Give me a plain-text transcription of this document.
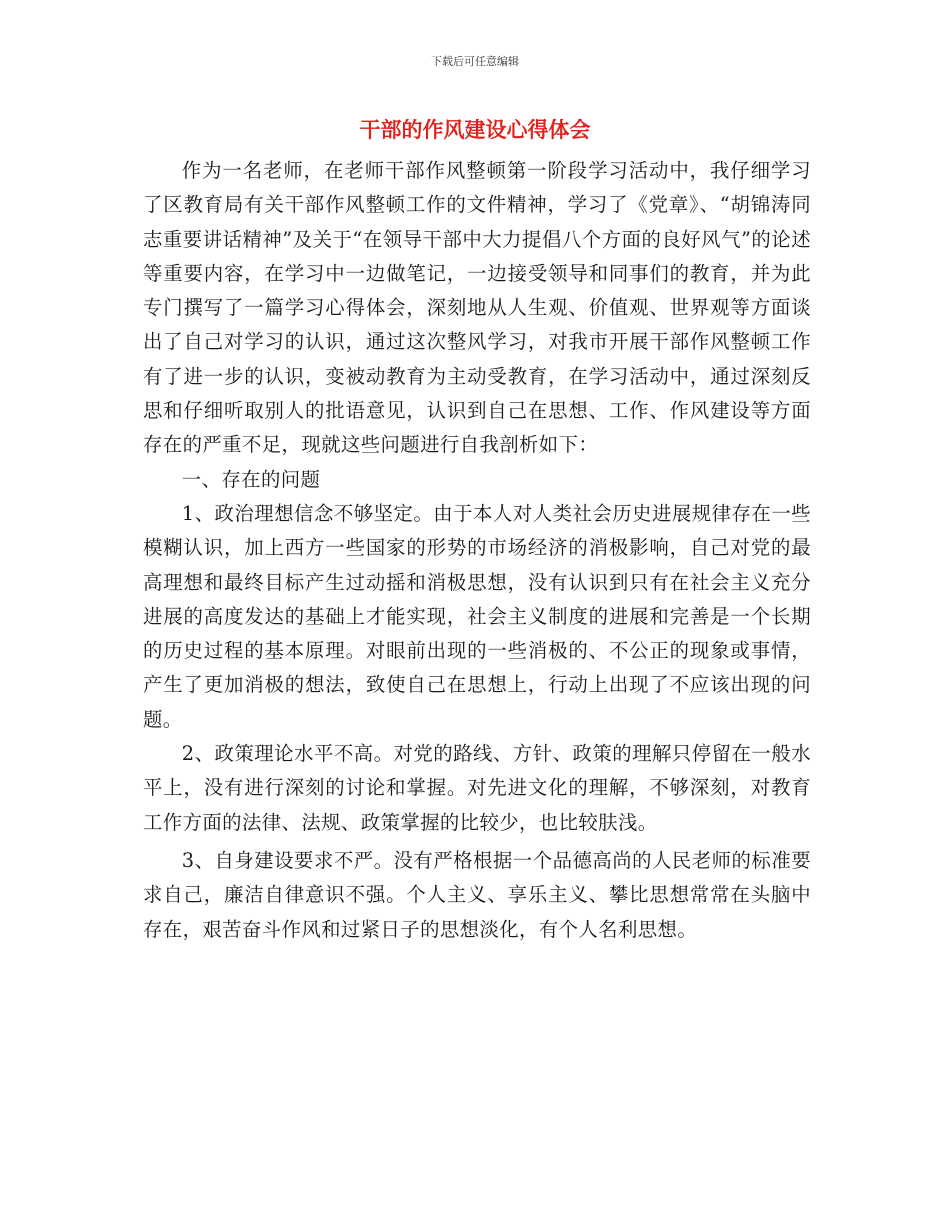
下载后可任意编辑
干部的作风建设心得体会

作为一名老师，在老师干部作风整顿第一阶段学习活动中，我仔细学习了区教育局有关干部作风整顿工作的文件精神，学习了《党章》、“胡锦涛同志重要讲话精神”及关于“在领导干部中大力提倡八个方面的良好风气”的论述等重要内容，在学习中一边做笔记，一边接受领导和同事们的教育，并为此专门撰写了一篇学习心得体会，深刻地从人生观、价值观、世界观等方面谈出了自己对学习的认识，通过这次整风学习，对我市开展干部作风整顿工作有了进一步的认识，变被动教育为主动受教育，在学习活动中，通过深刻反思和仔细听取别人的批语意见，认识到自己在思想、工作、作风建设等方面存在的严重不足，现就这些问题进行自我剖析如下：

一、存在的问题

1、政治理想信念不够坚定。由于本人对人类社会历史进展规律存在一些模糊认识，加上西方一些国家的形势的市场经济的消极影响，自己对党的最高理想和最终目标产生过动摇和消极思想，没有认识到只有在社会主义充分进展的高度发达的基础上才能实现，社会主义制度的进展和完善是一个长期的历史过程的基本原理。对眼前出现的一些消极的、不公正的现象或事情，产生了更加消极的想法，致使自己在思想上，行动上出现了不应该出现的问题。

2、政策理论水平不高。对党的路线、方针、政策的理解只停留在一般水平上，没有进行深刻的讨论和掌握。对先进文化的理解，不够深刻，对教育工作方面的法律、法规、政策掌握的比较少，也比较肤浅。

3、自身建设要求不严。没有严格根据一个品德高尚的人民老师的标准要求自己，廉洁自律意识不强。个人主义、享乐主义、攀比思想常常在头脑中存在，艰苦奋斗作风和过紧日子的思想淡化，有个人名利思想。
